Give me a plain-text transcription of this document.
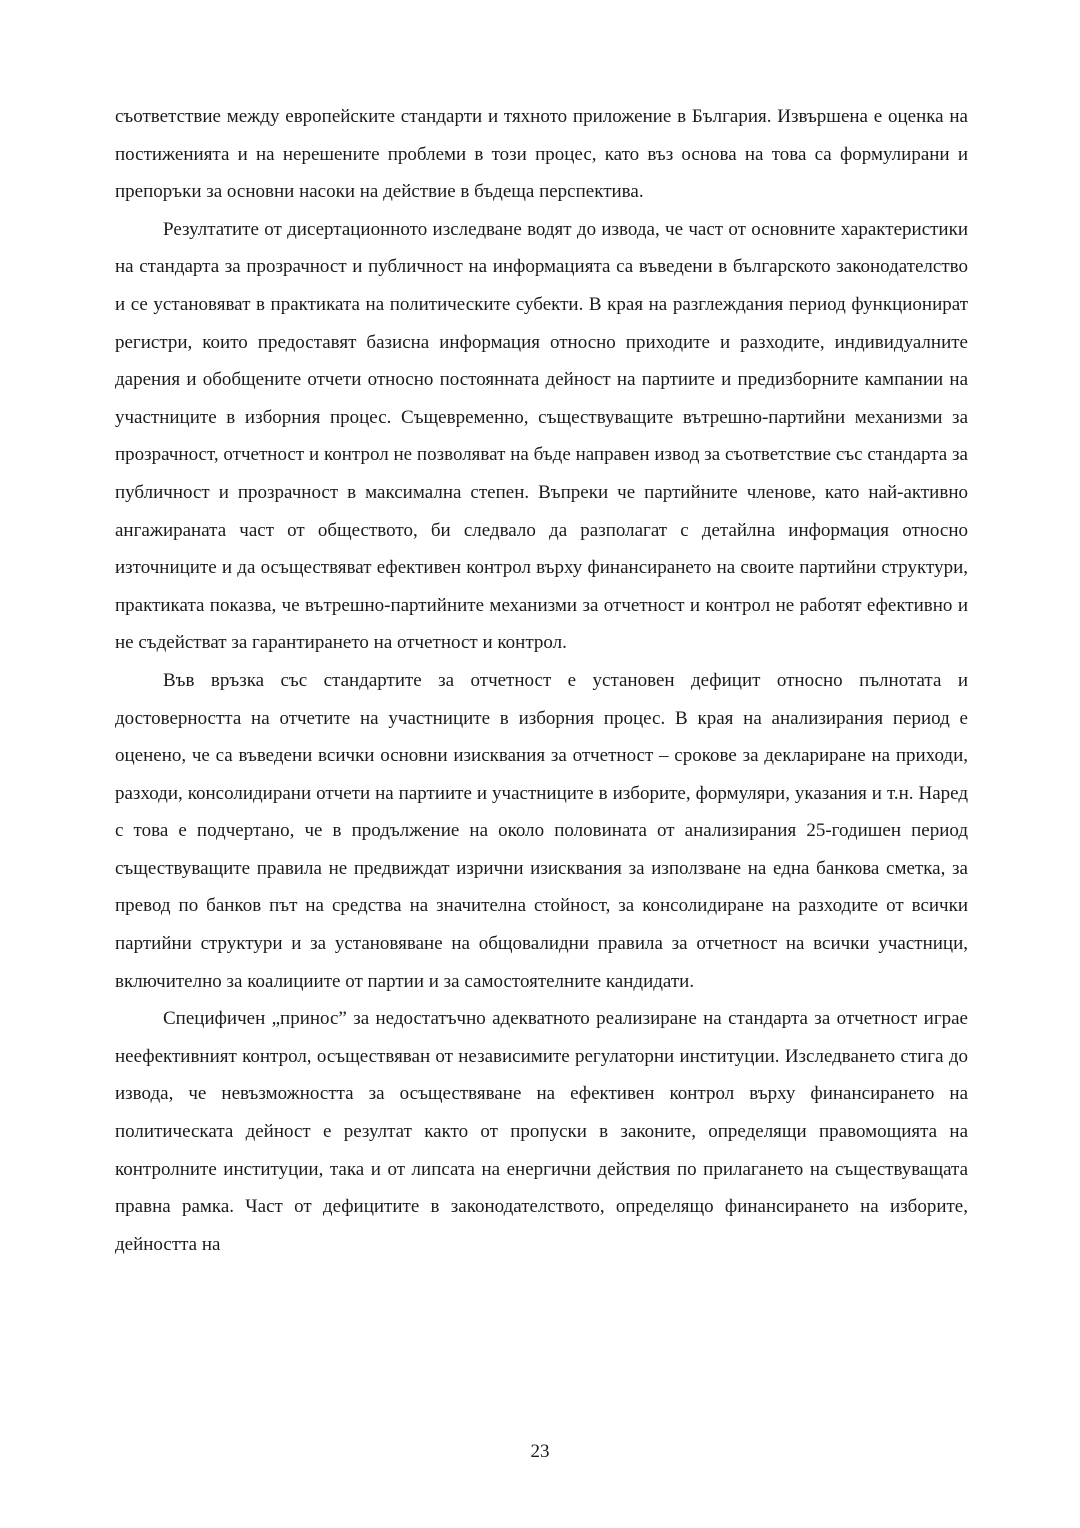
съответствие между европейските стандарти и тяхното приложение в България. Извършена е оценка на постиженията и на нерешените проблеми в този процес, като въз основа на това са формулирани и препоръки за основни насоки на действие в бъдеща перспектива.

Резултатите от дисертационното изследване водят до извода, че част от основните характеристики на стандарта за прозрачност и публичност на информацията са въведени в българското законодателство и се установяват в практиката на политическите субекти. В края на разглеждания период функционират регистри, които предоставят базисна информация относно приходите и разходите, индивидуалните дарения и обобщените отчети относно постоянната дейност на партиите и предизборните кампании на участниците в изборния процес. Същевременно, съществуващите вътрешно-партийни механизми за прозрачност, отчетност и контрол не позволяват на бъде направен извод за съответствие със стандарта за публичност и прозрачност в максимална степен. Въпреки че партийните членове, като най-активно ангажираната част от обществото, би следвало да разполагат с детайлна информация относно източниците и да осъществяват ефективен контрол върху финансирането на своите партийни структури, практиката показва, че вътрешно-партийните механизми за отчетност и контрол не работят ефективно и не съдействат за гарантирането на отчетност и контрол.

Във връзка със стандартите за отчетност е установен дефицит относно пълнотата и достоверността на отчетите на участниците в изборния процес. В края на анализирания период е оценено, че са въведени всички основни изисквания за отчетност – срокове за деклариране на приходи, разходи, консолидирани отчети на партиите и участниците в изборите, формуляри, указания и т.н. Наред с това е подчертано, че в продължение на около половината от анализирания 25-годишен период съществуващите правила не предвиждат изрични изисквания за използване на една банкова сметка, за превод по банков път на средства на значителна стойност, за консолидиране на разходите от всички партийни структури и за установяване на общовалидни правила за отчетност на всички участници, включително за коалициите от партии и за самостоятелните кандидати.

Специфичен „принос” за недостатъчно адекватното реализиране на стандарта за отчетност играе неефективният контрол, осъществяван от независимите регулаторни институции. Изследването стига до извода, че невъзможността за осъществяване на ефективен контрол върху финансирането на политическата дейност е резултат както от пропуски в законите, определящи правомощията на контролните институции, така и от липсата на енергични действия по прилагането на съществуващата правна рамка. Част от дефицитите в законодателството, определящо финансирането на изборите, дейността на

23
